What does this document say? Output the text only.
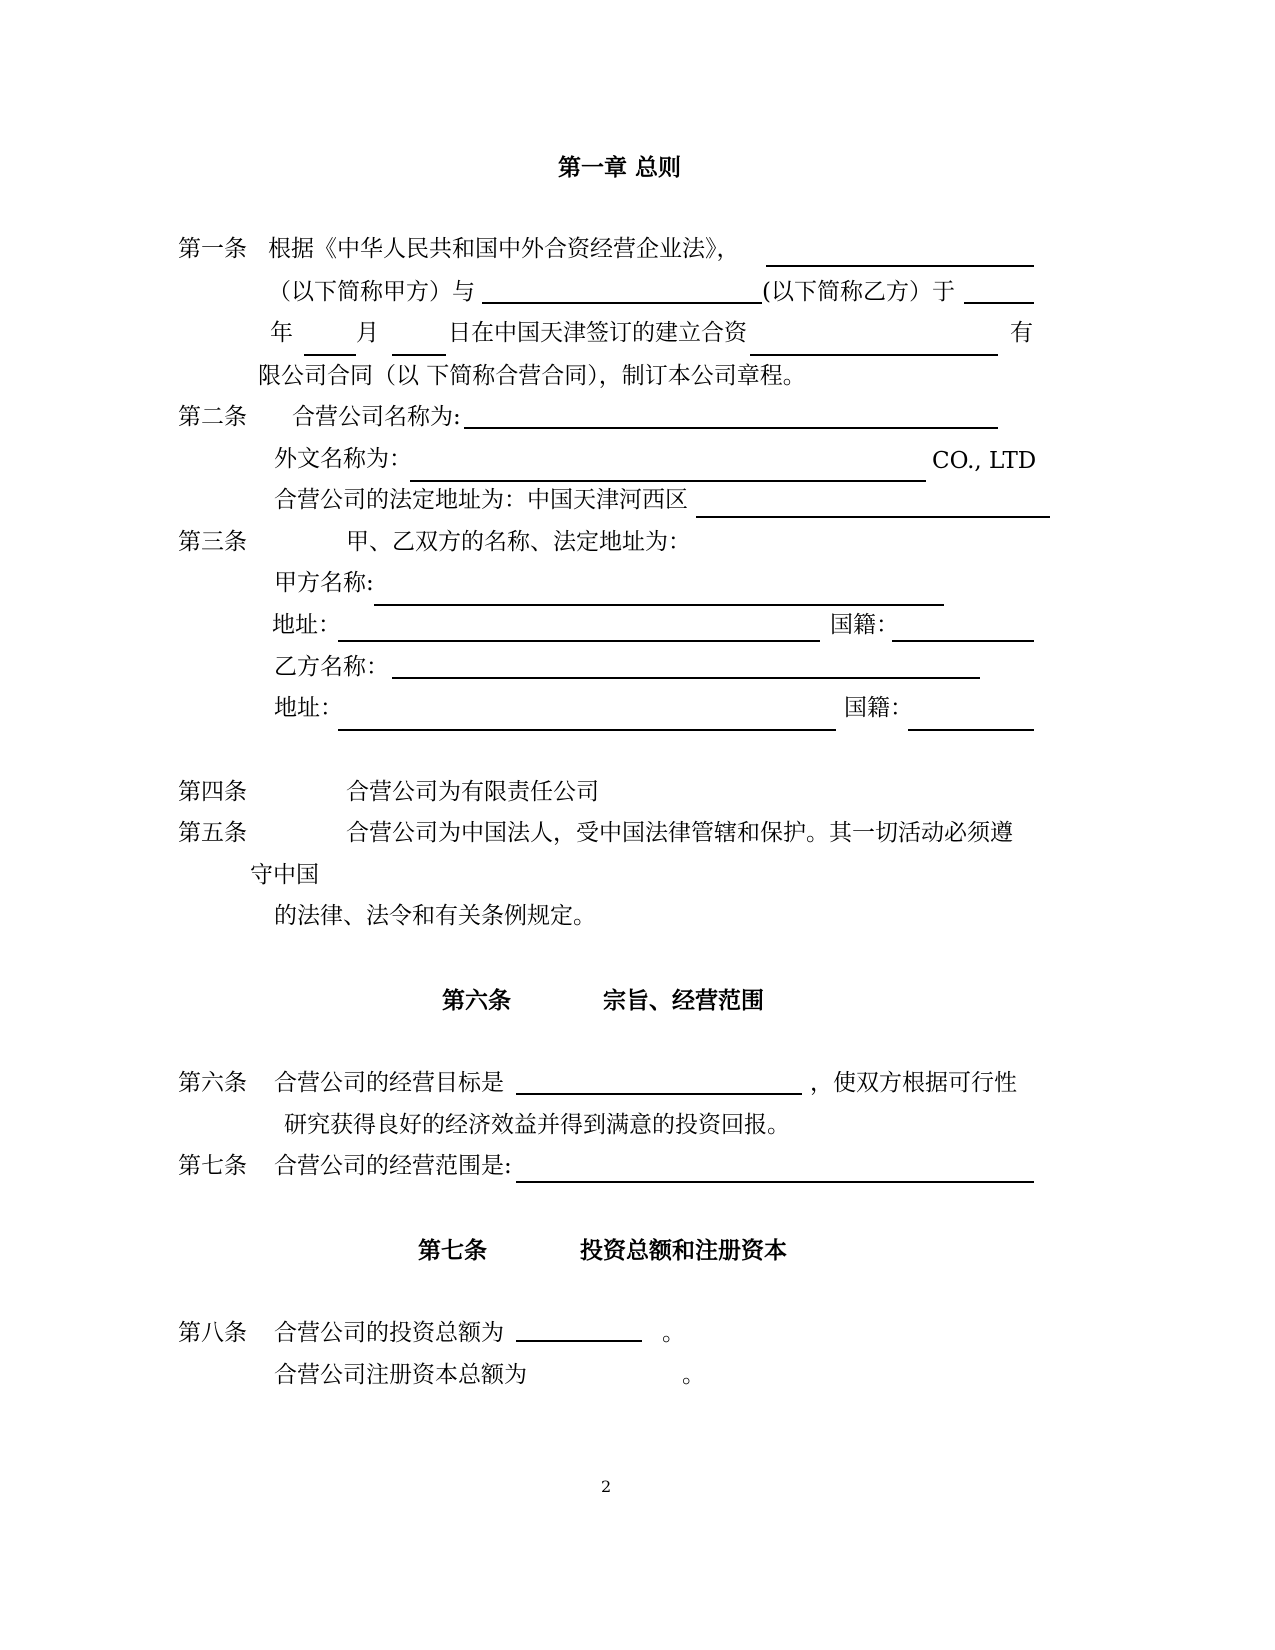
第一章 总则
第一条 根据《中华人民共和国中外合资经营企业法》，
（以下简称甲方）与	(以下简称乙方）于
年	月	日在中国天津签订的建立合资	有
限公司合同（以 下简称合营合同），制订本公司章程。
第二条 合营公司名称为:
外文名称为：	CO., LTD
合营公司的法定地址为：中国天津河西区
第三条	甲、乙双方的名称、法定地址为：
甲方名称:
地址：	国籍：
乙方名称：
地址：	国籍：
第四条	合营公司为有限责任公司
第五条	合营公司为中国法人，受中国法律管辖和保护。其一切活动必须遵
守中国
的法律、法令和有关条例规定。
第六条	宗旨、经营范围
第六条 合营公司的经营目标是	，使双方根据可行性
研究获得良好的经济效益并得到满意的投资回报。
第七条 合营公司的经营范围是:
第七条	投资总额和注册资本
第八条 合营公司的投资总额为	。
合营公司注册资本总额为	。
2
